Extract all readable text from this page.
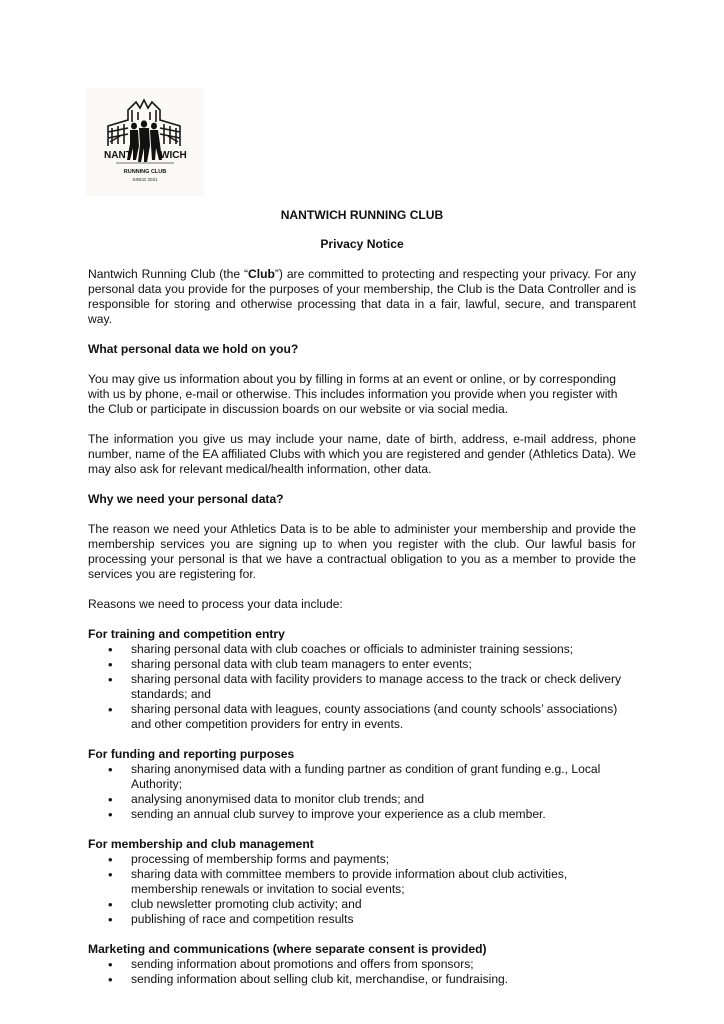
NANT	WICH
RUNNING CLUB
SINCE 2021
NANTWICH RUNNING CLUB
Privacy Notice

Nantwich Running Club (the “Club”) are committed to protecting and respecting your privacy. For any personal data you provide for the purposes of your membership, the Club is the Data Controller and is responsible for storing and otherwise processing that data in a fair, lawful, secure, and transparent way.

What personal data we hold on you?

You may give us information about you by filling in forms at an event or online, or by corresponding with us by phone, e-mail or otherwise. This includes information you provide when you register with the Club or participate in discussion boards on our website or via social media.

The information you give us may include your name, date of birth, address, e-mail address, phone number, name of the EA affiliated Clubs with which you are registered and gender (Athletics Data). We may also ask for relevant medical/health information, other data.

Why we need your personal data?

The reason we need your Athletics Data is to be able to administer your membership and provide the membership services you are signing up to when you register with the club. Our lawful basis for processing your personal is that we have a contractual obligation to you as a member to provide the services you are registering for.

Reasons we need to process your data include:

For training and competition entry
• sharing personal data with club coaches or officials to administer training sessions;
• sharing personal data with club team managers to enter events;
• sharing personal data with facility providers to manage access to the track or check delivery standards; and
• sharing personal data with leagues, county associations (and county schools’ associations) and other competition providers for entry in events.
For funding and reporting purposes
• sharing anonymised data with a funding partner as condition of grant funding e.g., Local Authority;
• analysing anonymised data to monitor club trends; and
• sending an annual club survey to improve your experience as a club member.
For membership and club management
• processing of membership forms and payments;
• sharing data with committee members to provide information about club activities, membership renewals or invitation to social events;
• club newsletter promoting club activity; and
• publishing of race and competition results
Marketing and communications (where separate consent is provided)
• sending information about promotions and offers from sponsors;
• sending information about selling club kit, merchandise, or fundraising.
